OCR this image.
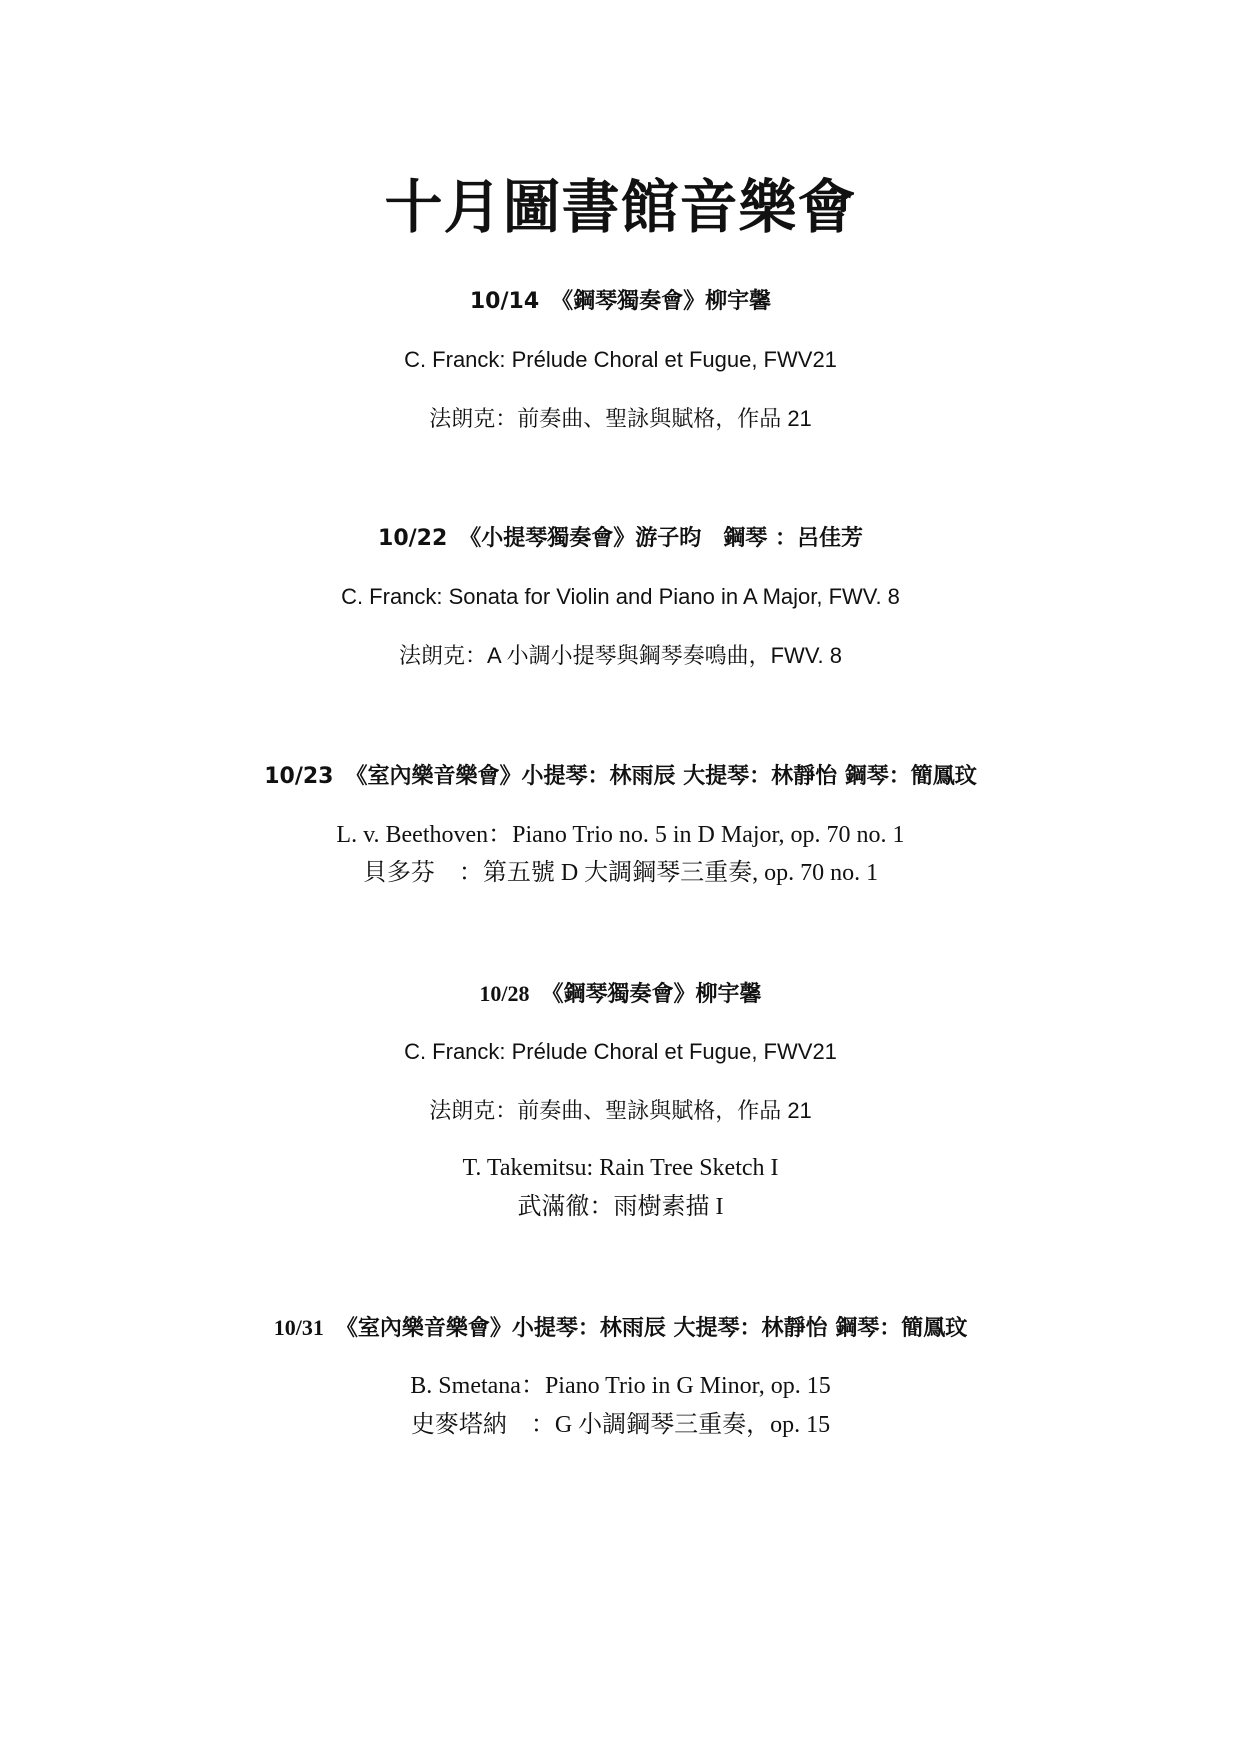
十月圖書館音樂會
10/14 《鋼琴獨奏會》柳宇馨
C. Franck: Prélude Choral et Fugue, FWV21
法朗克：前奏曲、聖詠與賦格，作品 21
10/22 《小提琴獨奏會》游子昀　鋼琴 ：呂佳芳
C. Franck: Sonata for Violin and Piano in A Major, FWV. 8
法朗克：A 小調小提琴與鋼琴奏鳴曲，FWV. 8
10/23 《室內樂音樂會》小提琴：林雨辰 大提琴：林靜怡 鋼琴：簡鳳玟
L. v. Beethoven：Piano Trio no. 5 in D Major, op. 70 no. 1
貝多芬　：第五號 D 大調鋼琴三重奏, op. 70 no. 1
10/28 《鋼琴獨奏會》柳宇馨
C. Franck: Prélude Choral et Fugue, FWV21
法朗克：前奏曲、聖詠與賦格，作品 21
T. Takemitsu: Rain Tree Sketch I
武滿徹：雨樹素描 I
10/31 《室內樂音樂會》小提琴：林雨辰 大提琴：林靜怡 鋼琴：簡鳳玟
B. Smetana：Piano Trio in G Minor, op. 15
史麥塔納　：G 小調鋼琴三重奏，op. 15
